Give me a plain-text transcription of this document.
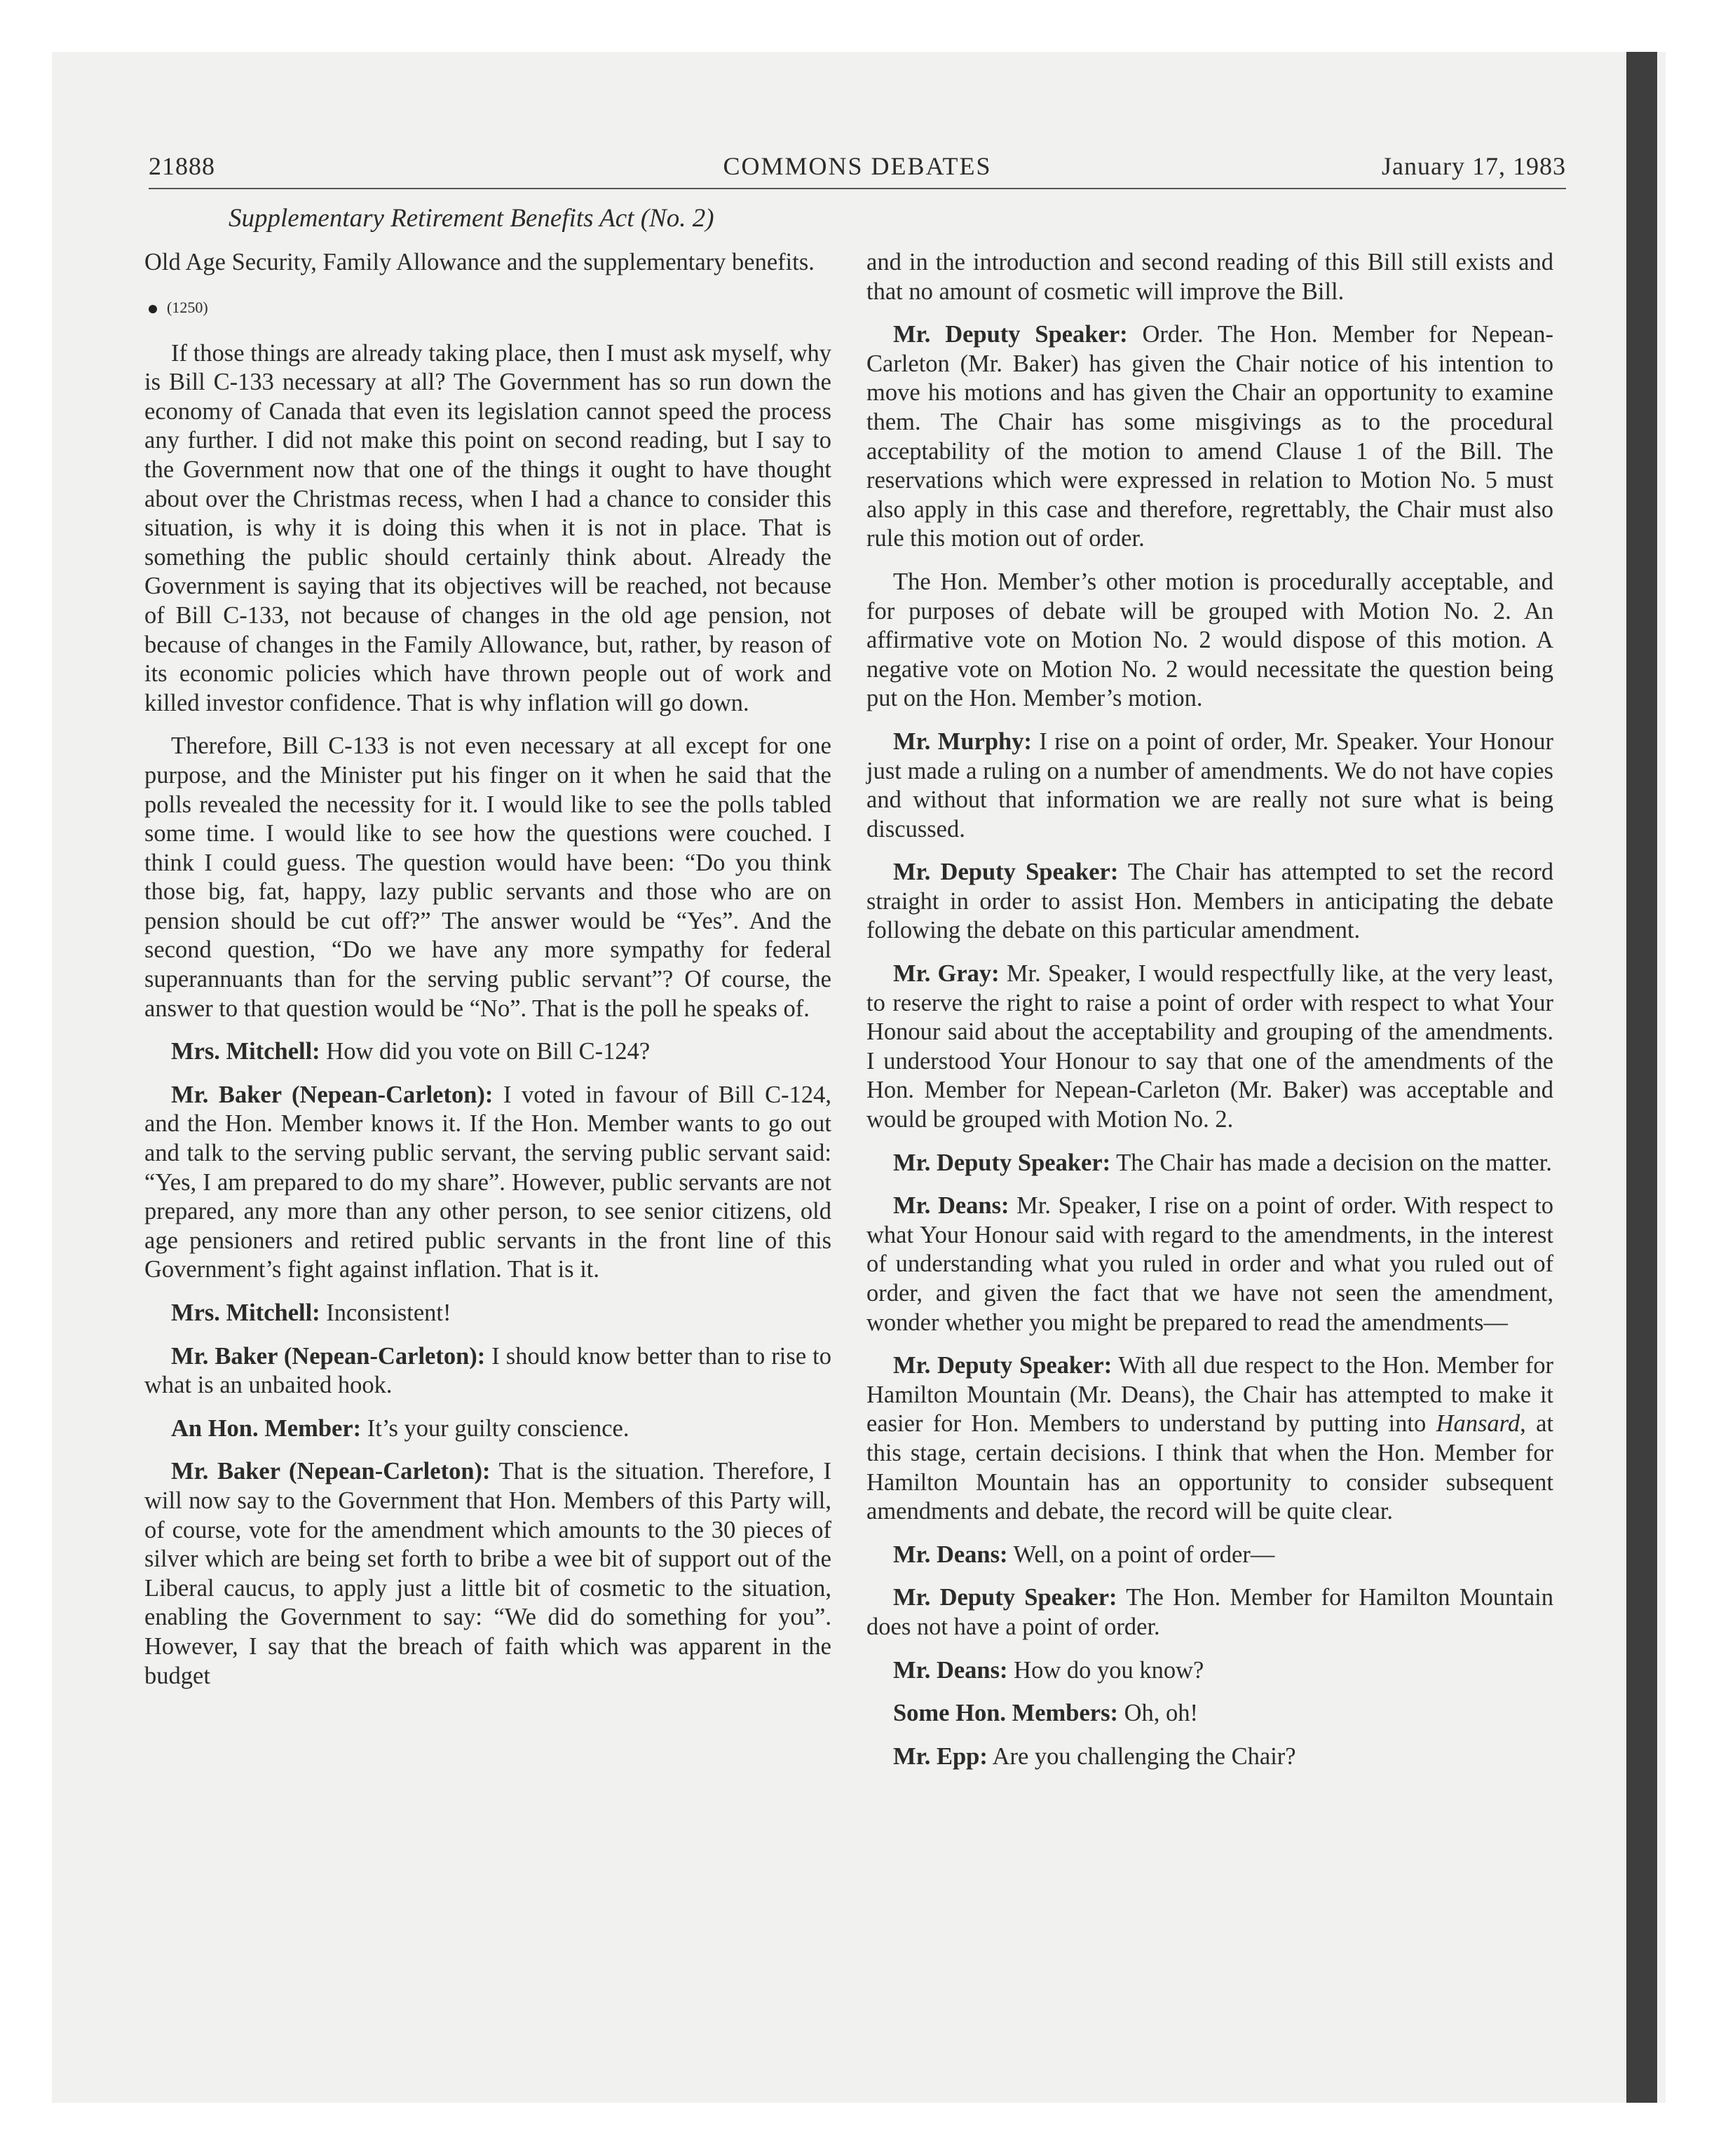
21888	COMMONS DEBATES	January 17, 1983
Supplementary Retirement Benefits Act (No. 2)

Old Age Security, Family Allowance and the supplementary benefits.

(1250)

If those things are already taking place, then I must ask myself, why is Bill C-133 necessary at all? The Government has so run down the economy of Canada that even its legislation cannot speed the process any further. I did not make this point on second reading, but I say to the Government now that one of the things it ought to have thought about over the Christmas recess, when I had a chance to consider this situation, is why it is doing this when it is not in place. That is something the public should certainly think about. Already the Government is saying that its objectives will be reached, not because of Bill C-133, not because of changes in the old age pension, not because of changes in the Family Allowance, but, rather, by reason of its economic policies which have thrown people out of work and killed investor confidence. That is why inflation will go down.

Therefore, Bill C-133 is not even necessary at all except for one purpose, and the Minister put his finger on it when he said that the polls revealed the necessity for it. I would like to see the polls tabled some time. I would like to see how the questions were couched. I think I could guess. The question would have been: “Do you think those big, fat, happy, lazy public servants and those who are on pension should be cut off?” The answer would be “Yes”. And the second question, “Do we have any more sympathy for federal superannuants than for the serving public servant”? Of course, the answer to that question would be “No”. That is the poll he speaks of.

Mrs. Mitchell: How did you vote on Bill C-124?

Mr. Baker (Nepean-Carleton): I voted in favour of Bill C-124, and the Hon. Member knows it. If the Hon. Member wants to go out and talk to the serving public servant, the serving public servant said: “Yes, I am prepared to do my share”. However, public servants are not prepared, any more than any other person, to see senior citizens, old age pensioners and retired public servants in the front line of this Government’s fight against inflation. That is it.

Mrs. Mitchell: Inconsistent!

Mr. Baker (Nepean-Carleton): I should know better than to rise to what is an unbaited hook.

An Hon. Member: It’s your guilty conscience.

Mr. Baker (Nepean-Carleton): That is the situation. Therefore, I will now say to the Government that Hon. Members of this Party will, of course, vote for the amendment which amounts to the 30 pieces of silver which are being set forth to bribe a wee bit of support out of the Liberal caucus, to apply just a little bit of cosmetic to the situation, enabling the Government to say: “We did do something for you”. However, I say that the breach of faith which was apparent in the budget

and in the introduction and second reading of this Bill still exists and that no amount of cosmetic will improve the Bill.

Mr. Deputy Speaker: Order. The Hon. Member for Nepean-Carleton (Mr. Baker) has given the Chair notice of his intention to move his motions and has given the Chair an opportunity to examine them. The Chair has some misgivings as to the procedural acceptability of the motion to amend Clause 1 of the Bill. The reservations which were expressed in relation to Motion No. 5 must also apply in this case and therefore, regrettably, the Chair must also rule this motion out of order.

The Hon. Member’s other motion is procedurally acceptable, and for purposes of debate will be grouped with Motion No. 2. An affirmative vote on Motion No. 2 would dispose of this motion. A negative vote on Motion No. 2 would necessitate the question being put on the Hon. Member’s motion.

Mr. Murphy: I rise on a point of order, Mr. Speaker. Your Honour just made a ruling on a number of amendments. We do not have copies and without that information we are really not sure what is being discussed.

Mr. Deputy Speaker: The Chair has attempted to set the record straight in order to assist Hon. Members in anticipating the debate following the debate on this particular amendment.

Mr. Gray: Mr. Speaker, I would respectfully like, at the very least, to reserve the right to raise a point of order with respect to what Your Honour said about the acceptability and grouping of the amendments. I understood Your Honour to say that one of the amendments of the Hon. Member for Nepean-Carleton (Mr. Baker) was acceptable and would be grouped with Motion No. 2.

Mr. Deputy Speaker: The Chair has made a decision on the matter.

Mr. Deans: Mr. Speaker, I rise on a point of order. With respect to what Your Honour said with regard to the amendments, in the interest of understanding what you ruled in order and what you ruled out of order, and given the fact that we have not seen the amendment, wonder whether you might be prepared to read the amendments—

Mr. Deputy Speaker: With all due respect to the Hon. Member for Hamilton Mountain (Mr. Deans), the Chair has attempted to make it easier for Hon. Members to understand by putting into Hansard, at this stage, certain decisions. I think that when the Hon. Member for Hamilton Mountain has an opportunity to consider subsequent amendments and debate, the record will be quite clear.

Mr. Deans: Well, on a point of order—

Mr. Deputy Speaker: The Hon. Member for Hamilton Mountain does not have a point of order.

Mr. Deans: How do you know?

Some Hon. Members: Oh, oh!

Mr. Epp: Are you challenging the Chair?
